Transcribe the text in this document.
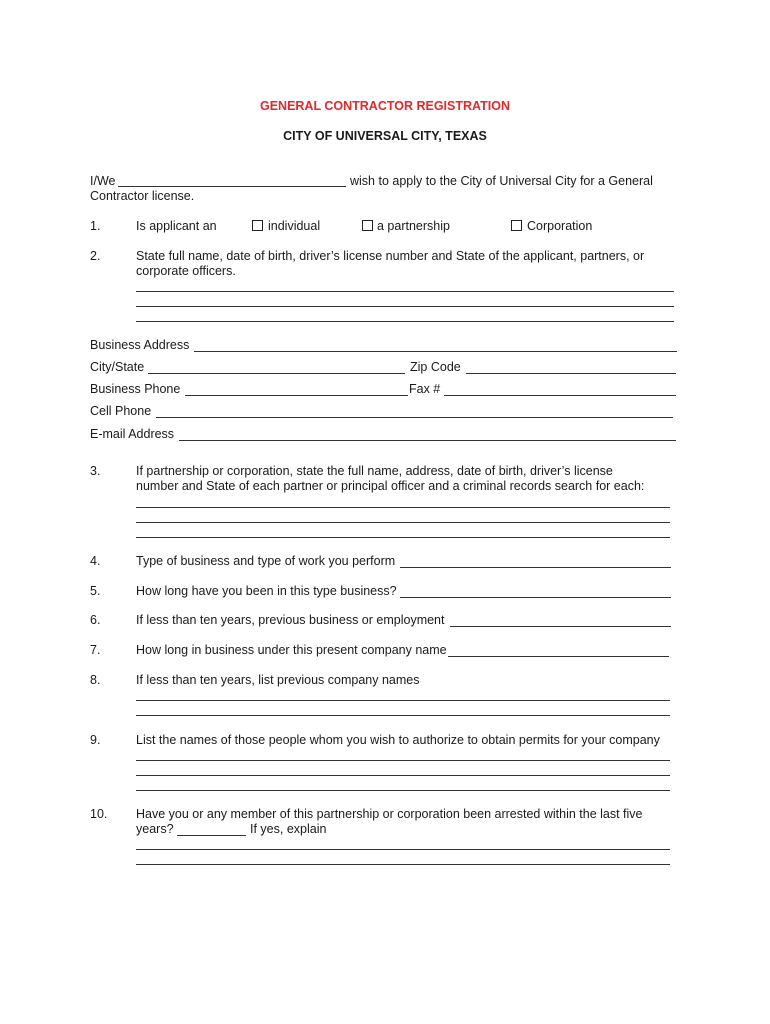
GENERAL CONTRACTOR REGISTRATION
CITY OF UNIVERSAL CITY, TEXAS
I/We	wish to apply to the City of Universal City for a General
Contractor license.
1.	Is applicant an	individual	a partnership	Corporation
2.	State full name, date of birth, driver’s license number and State of the applicant, partners, or
corporate officers.
Business Address
City/State	Zip Code
Business Phone	Fax #
Cell Phone
E-mail Address
3.	If partnership or corporation, state the full name, address, date of birth, driver’s license
number and State of each partner or principal officer and a criminal records search for each:
4.	Type of business and type of work you perform
5.	How long have you been in this type business?
6.	If less than ten years, previous business or employment
7.	How long in business under this present company name
8.	If less than ten years, list previous company names
9.	List the names of those people whom you wish to authorize to obtain permits for your company
10. Have you or any member of this partnership or corporation been arrested within the last five
years?	If yes, explain
